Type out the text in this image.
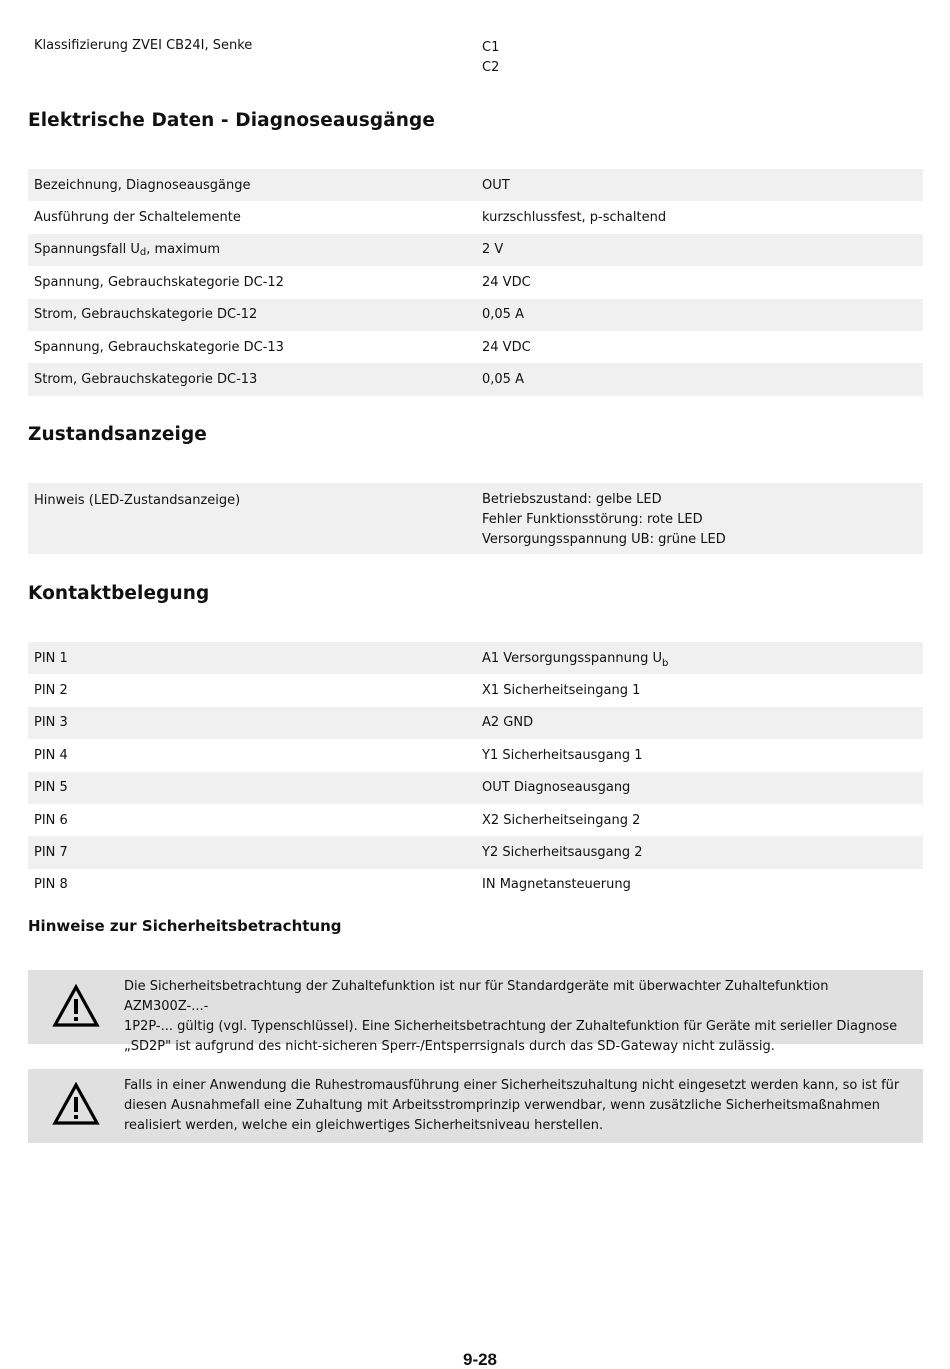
Klassifizierung ZVEI CB24I, Senke	C1
C2
Elektrische Daten - Diagnoseausgänge
Bezeichnung, Diagnoseausgänge	OUT
Ausführung der Schaltelemente	kurzschlussfest, p-schaltend
Spannungsfall $U_d$, maximum	2 V
Spannung, Gebrauchskategorie DC-12	24 VDC
Strom, Gebrauchskategorie DC-12	0,05 A
Spannung, Gebrauchskategorie DC-13	24 VDC
Strom, Gebrauchskategorie DC-13	0,05 A
Zustandsanzeige
Hinweis (LED-Zustandsanzeige)	Betriebszustand: gelbe LED
Fehler Funktionsstörung: rote LED
Versorgungsspannung UB: grüne LED
Kontaktbelegung
PIN 1	A1 Versorgungsspannung $U_b$
PIN 2	X1 Sicherheitseingang 1
PIN 3	A2 GND
PIN 4	Y1 Sicherheitsausgang 1
PIN 5	OUT Diagnoseausgang
PIN 6	X2 Sicherheitseingang 2
PIN 7	Y2 Sicherheitsausgang 2
PIN 8	IN Magnetansteuerung
Hinweise zur Sicherheitsbetrachtung
Die Sicherheitsbetrachtung der Zuhaltefunktion ist nur für Standardgeräte mit überwachter Zuhaltefunktion AZM300Z-...-
1P2P-... gültig (vgl. Typenschlüssel). Eine Sicherheitsbetrachtung der Zuhaltefunktion für Geräte mit serieller Diagnose
„SD2P" ist aufgrund des nicht-sicheren Sperr-/Entsperrsignals durch das SD-Gateway nicht zulässig.
Falls in einer Anwendung die Ruhestromausführung einer Sicherheitszuhaltung nicht eingesetzt werden kann, so ist für
diesen Ausnahmefall eine Zuhaltung mit Arbeitsstromprinzip verwendbar, wenn zusätzliche Sicherheitsmaßnahmen
realisiert werden, welche ein gleichwertiges Sicherheitsniveau herstellen.
9-28
